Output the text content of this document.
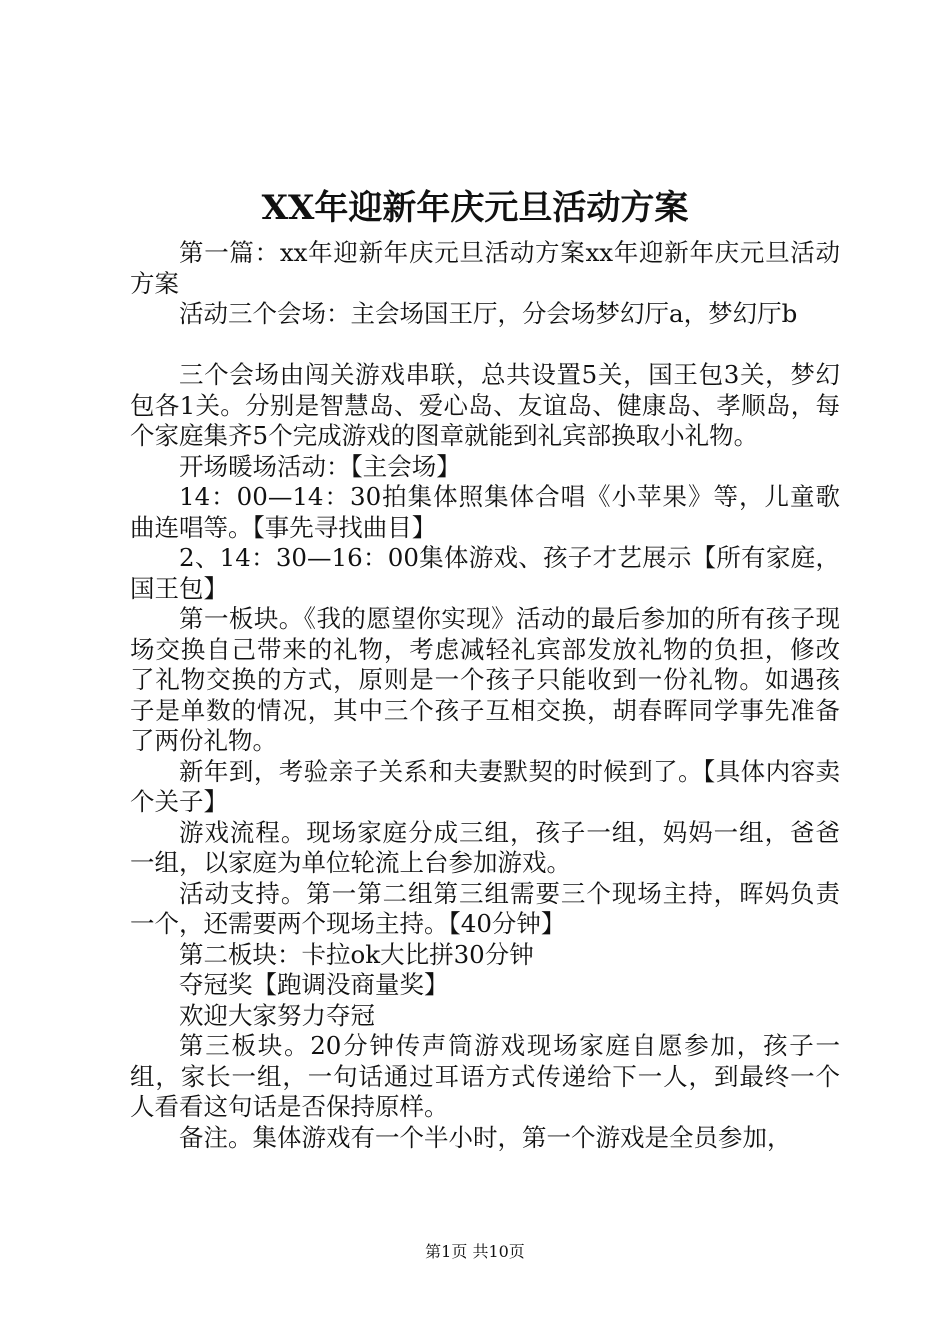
XX年迎新年庆元旦活动方案

第一篇：xx年迎新年庆元旦活动方案xx年迎新年庆元旦活动方案

活动三个会场：主会场国王厅，分会场梦幻厅a，梦幻厅b

三个会场由闯关游戏串联，总共设置5关，国王包3关，梦幻包各1关。分别是智慧岛、爱心岛、友谊岛、健康岛、孝顺岛，每个家庭集齐5个完成游戏的图章就能到礼宾部换取小礼物。

开场暖场活动：【主会场】

14：00—14：30拍集体照集体合唱《小苹果》等，儿童歌曲连唱等。【事先寻找曲目】

2、14：30—16：00集体游戏、孩子才艺展示【所有家庭，国王包】

第一板块。《我的愿望你实现》活动的最后参加的所有孩子现场交换自己带来的礼物，考虑减轻礼宾部发放礼物的负担，修改了礼物交换的方式，原则是一个孩子只能收到一份礼物。如遇孩子是单数的情况，其中三个孩子互相交换，胡春晖同学事先准备了两份礼物。

新年到，考验亲子关系和夫妻默契的时候到了。【具体内容卖个关子】

游戏流程。现场家庭分成三组，孩子一组，妈妈一组，爸爸一组，以家庭为单位轮流上台参加游戏。

活动支持。第一第二组第三组需要三个现场主持，晖妈负责一个，还需要两个现场主持。【40分钟】

第二板块：卡拉ok大比拼30分钟

夺冠奖【跑调没商量奖】

欢迎大家努力夺冠

第三板块。20分钟传声筒游戏现场家庭自愿参加，孩子一组，家长一组，一句话通过耳语方式传递给下一人，到最终一个人看看这句话是否保持原样。

备注。集体游戏有一个半小时，第一个游戏是全员参加，

第1页 共10页
